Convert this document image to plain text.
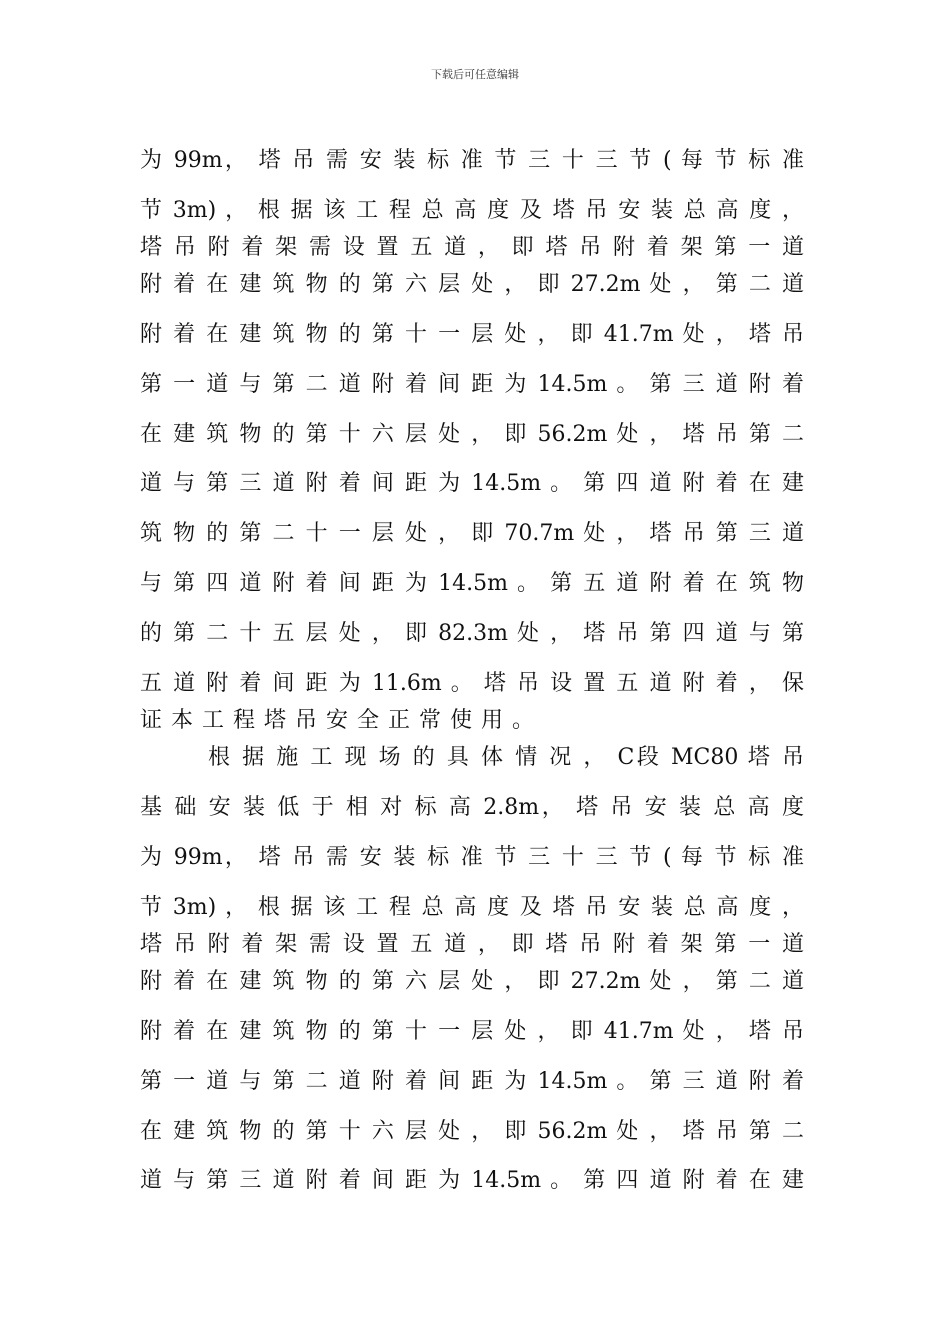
下载后可任意编辑
为 99m， 塔 吊 需 安 装 标 准 节 三 十 三 节 ( 每 节 标 准
节 3m) ， 根 据 该 工 程 总 高 度 及 塔 吊 安 装 总 高 度 ，
塔 吊 附 着 架 需 设 置 五 道 ， 即 塔 吊 附 着 架 第 一 道
附 着 在 建 筑 物 的 第 六 层 处 ， 即 27.2m 处 ， 第 二 道
附 着 在 建 筑 物 的 第 十 一 层 处 ， 即 41.7m 处 ， 塔 吊
第 一 道 与 第 二 道 附 着 间 距 为 14.5m 。 第 三 道 附 着
在 建 筑 物 的 第 十 六 层 处 ， 即 56.2m 处 ， 塔 吊 第 二
道 与 第 三 道 附 着 间 距 为 14.5m 。 第 四 道 附 着 在 建
筑 物 的 第 二 十 一 层 处 ， 即 70.7m 处 ， 塔 吊 第 三 道
与 第 四 道 附 着 间 距 为 14.5m 。 第 五 道 附 着 在 筑 物
的 第 二 十 五 层 处 ， 即 82.3m 处 ， 塔 吊 第 四 道 与 第
五 道 附 着 间 距 为 11.6m 。 塔 吊 设 置 五 道 附 着 ， 保
证本工程塔吊安全正常使用。
根 据 施 工 现 场 的 具 体 情 况 ， C段 MC80 塔 吊
基 础 安 装 低 于 相 对 标 高 2.8m， 塔 吊 安 装 总 高 度
为 99m， 塔 吊 需 安 装 标 准 节 三 十 三 节 ( 每 节 标 准
节 3m) ， 根 据 该 工 程 总 高 度 及 塔 吊 安 装 总 高 度 ，
塔 吊 附 着 架 需 设 置 五 道 ， 即 塔 吊 附 着 架 第 一 道
附 着 在 建 筑 物 的 第 六 层 处 ， 即 27.2m 处 ， 第 二 道
附 着 在 建 筑 物 的 第 十 一 层 处 ， 即 41.7m 处 ， 塔 吊
第 一 道 与 第 二 道 附 着 间 距 为 14.5m 。 第 三 道 附 着
在 建 筑 物 的 第 十 六 层 处 ， 即 56.2m 处 ， 塔 吊 第 二
道 与 第 三 道 附 着 间 距 为 14.5m 。 第 四 道 附 着 在 建
